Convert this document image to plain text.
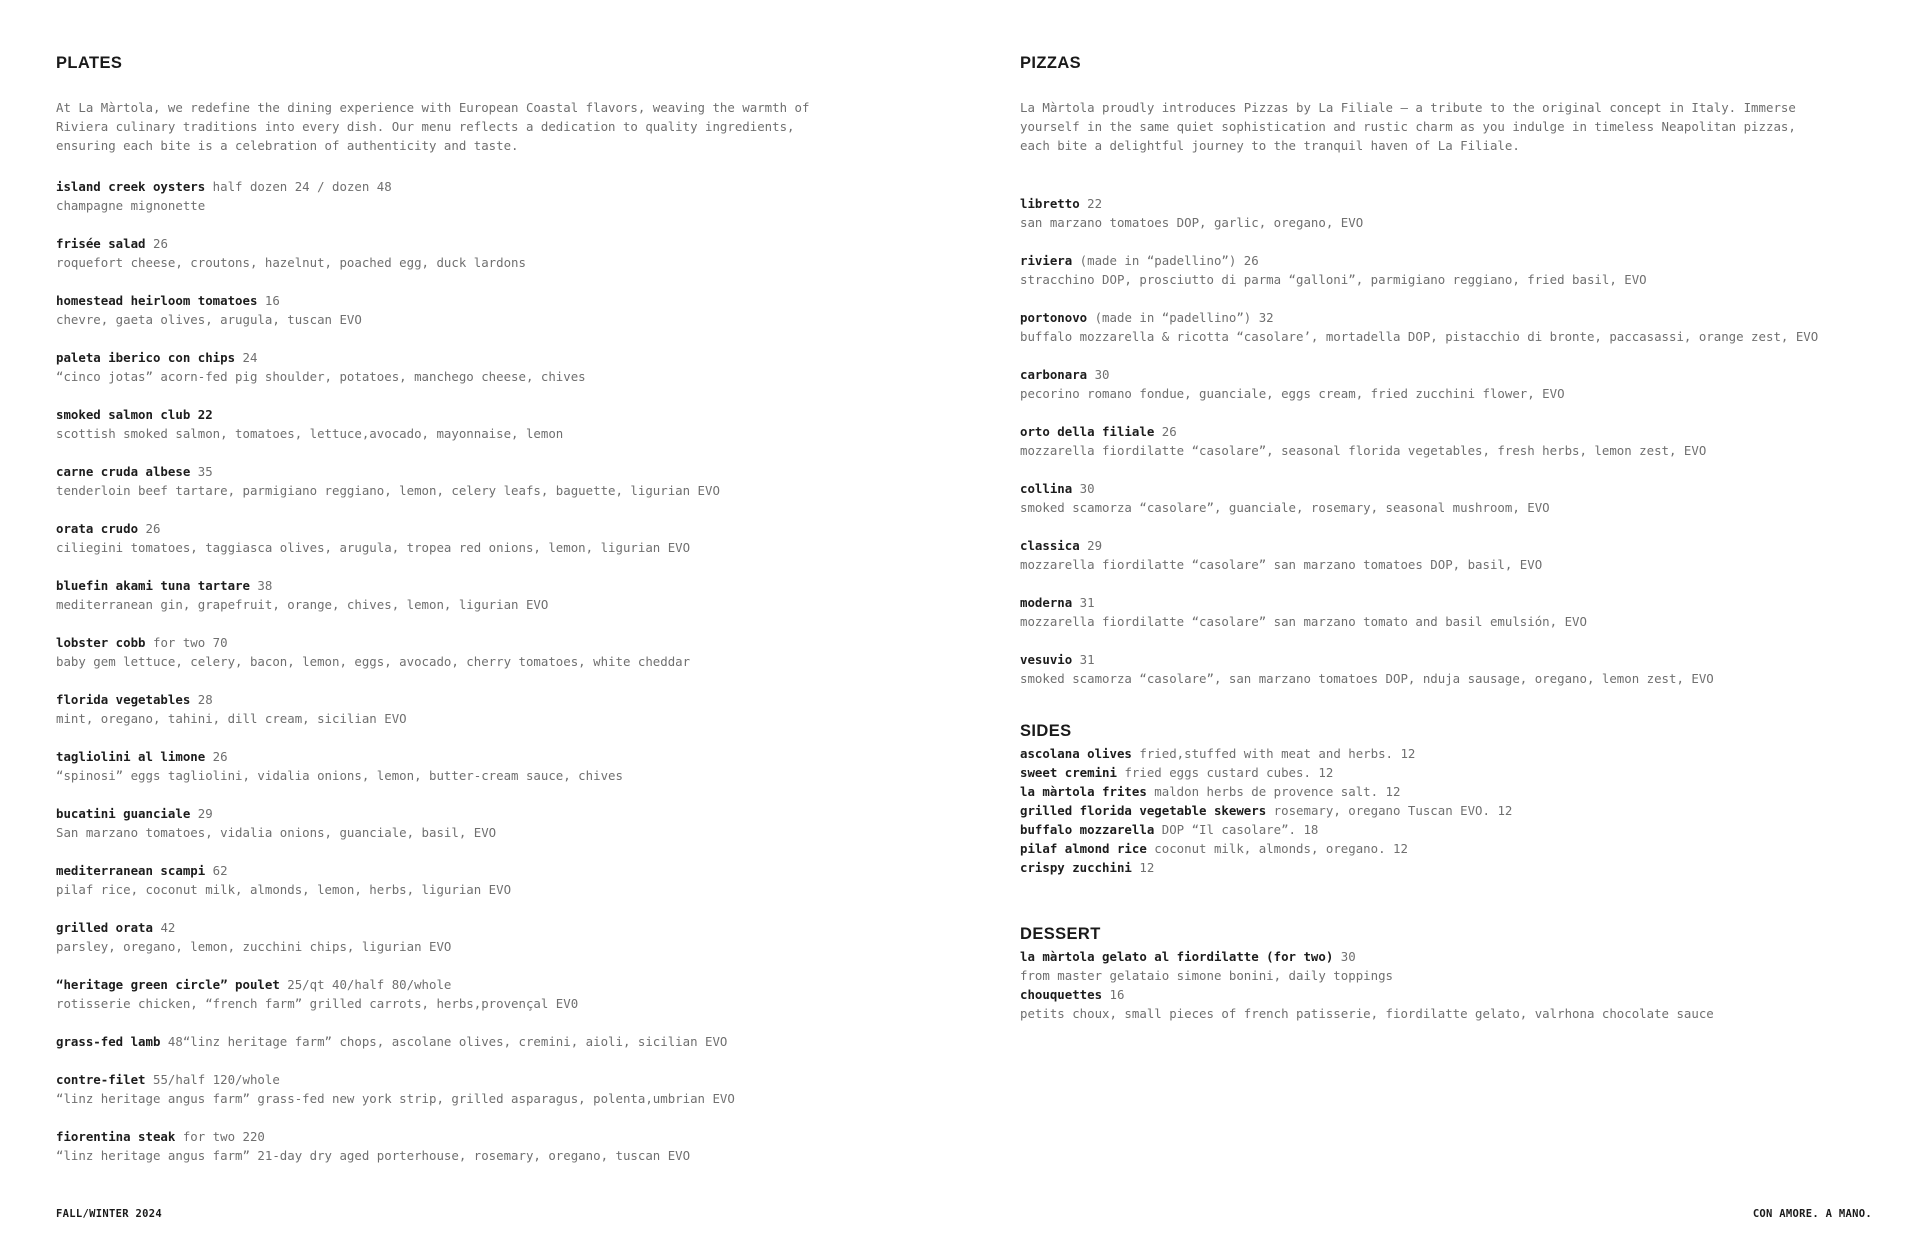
PLATES
At La Màrtola, we redefine the dining experience with European Coastal flavors, weaving the warmth of
Riviera culinary traditions into every dish. Our menu reflects a dedication to quality ingredients,
ensuring each bite is a celebration of authenticity and taste.
island creek oysters half dozen 24 / dozen 48
champagne mignonette
frisée salad 26
roquefort cheese, croutons, hazelnut, poached egg, duck lardons
homestead heirloom tomatoes 16
chevre, gaeta olives, arugula, tuscan EVO
paleta iberico con chips 24
“cinco jotas” acorn-fed pig shoulder, potatoes, manchego cheese, chives
smoked salmon club 22
scottish smoked salmon, tomatoes, lettuce,avocado, mayonnaise, lemon
carne cruda albese 35
tenderloin beef tartare, parmigiano reggiano, lemon, celery leafs, baguette, ligurian EVO
orata crudo 26
ciliegini tomatoes, taggiasca olives, arugula, tropea red onions, lemon, ligurian EVO
bluefin akami tuna tartare 38
mediterranean gin, grapefruit, orange, chives, lemon, ligurian EVO
lobster cobb for two 70
baby gem lettuce, celery, bacon, lemon, eggs, avocado, cherry tomatoes, white cheddar
florida vegetables 28
mint, oregano, tahini, dill cream, sicilian EVO
tagliolini al limone 26
“spinosi” eggs tagliolini, vidalia onions, lemon, butter-cream sauce, chives
bucatini guanciale 29
San marzano tomatoes, vidalia onions, guanciale, basil, EVO
mediterranean scampi 62
pilaf rice, coconut milk, almonds, lemon, herbs, ligurian EVO
grilled orata 42
parsley, oregano, lemon, zucchini chips, ligurian EVO
“heritage green circle” poulet 25/qt 40/half 80/whole
rotisserie chicken, “french farm” grilled carrots, herbs,provençal EV0
grass-fed lamb 48“linz heritage farm” chops, ascolane olives, cremini, aioli, sicilian EVO
contre-filet 55/half 120/whole
“linz heritage angus farm” grass-fed new york strip, grilled asparagus, polenta,umbrian EVO
fiorentina steak for two 220
“linz heritage angus farm” 21-day dry aged porterhouse, rosemary, oregano, tuscan EVO
PIZZAS
La Màrtola proudly introduces Pizzas by La Filiale — a tribute to the original concept in Italy. Immerse
yourself in the same quiet sophistication and rustic charm as you indulge in timeless Neapolitan pizzas,
each bite a delightful journey to the tranquil haven of La Filiale.
libretto 22
san marzano tomatoes DOP, garlic, oregano, EVO
riviera (made in “padellino”) 26
stracchino DOP, prosciutto di parma “galloni”, parmigiano reggiano, fried basil, EVO
portonovo (made in “padellino”) 32
buffalo mozzarella & ricotta “casolare’, mortadella DOP, pistacchio di bronte, paccasassi, orange zest, EVO
carbonara 30
pecorino romano fondue, guanciale, eggs cream, fried zucchini flower, EVO
orto della filiale 26
mozzarella fiordilatte “casolare”, seasonal florida vegetables, fresh herbs, lemon zest, EVO
collina 30
smoked scamorza “casolare”, guanciale, rosemary, seasonal mushroom, EVO
classica 29
mozzarella fiordilatte “casolare” san marzano tomatoes DOP, basil, EVO
moderna 31
mozzarella fiordilatte “casolare” san marzano tomato and basil emulsión, EVO
vesuvio 31
smoked scamorza “casolare”, san marzano tomatoes DOP, nduja sausage, oregano, lemon zest, EVO
SIDES
ascolana olives fried,stuffed with meat and herbs. 12
sweet cremini fried eggs custard cubes. 12
la màrtola frites maldon herbs de provence salt. 12
grilled florida vegetable skewers rosemary, oregano Tuscan EVO. 12
buffalo mozzarella DOP “Il casolare”. 18
pilaf almond rice coconut milk, almonds, oregano. 12
crispy zucchini 12
DESSERT
la màrtola gelato al fiordilatte (for two) 30
from master gelataio simone bonini, daily toppings
chouquettes 16
petits choux, small pieces of french patisserie, fiordilatte gelato, valrhona chocolate sauce
FALL/WINTER 2024	CON AMORE. A MANO.
